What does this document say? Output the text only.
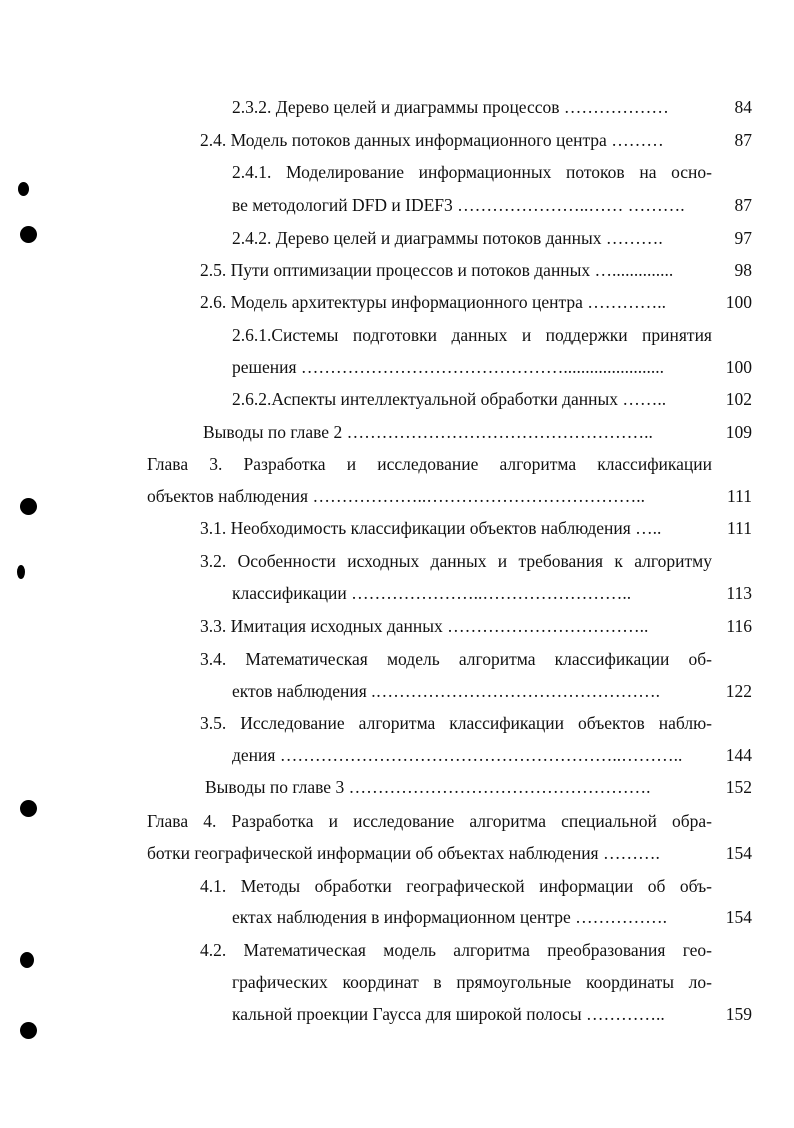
2.3.2. Дерево целей и диаграммы процессов ………………	84
2.4. Модель потоков данных информационного центра ………	87
2.4.1. Моделирование информационных потоков на осно-
ве методологий DFD и IDEF3 …………………..…… ……….	87
2.4.2. Дерево целей и диаграммы потоков данных ……….	97
2.5. Пути оптимизации процессов и потоков данных …..............	98
2.6. Модель архитектуры информационного центра …………..	100
2.6.1.Системы подготовки данных и поддержки принятия
решения ……………………………………….......................	100
2.6.2.Аспекты интеллектуальной обработки данных ……..	102
Выводы по главе 2 ……………………………………………..	109
Глава 3. Разработка и исследование алгоритма классификации
объектов наблюдения ………………..………………………………..	111
3.1. Необходимость классификации объектов наблюдения …..	111
3.2. Особенности исходных данных и требования к алгоритму
классификации …………………..……………………..	113
3.3. Имитация исходных данных ……………………………..	116
3.4. Математическая модель алгоритма классификации об-
ектов наблюдения .………………………………………….	122
3.5. Исследование алгоритма классификации объектов наблю-
дения …………………………………………………..………..	144
Выводы по главе 3 …………………………………………….	152
Глава 4. Разработка и исследование алгоритма специальной обра-
ботки географической информации об объектах наблюдения ……….	154
4.1. Методы обработки географической информации об объ-
ектах наблюдения в информационном центре …………….	154
4.2. Математическая модель алгоритма преобразования гео-
графических координат в прямоугольные координаты ло-
кальной проекции Гаусса для широкой полосы …………..	159
